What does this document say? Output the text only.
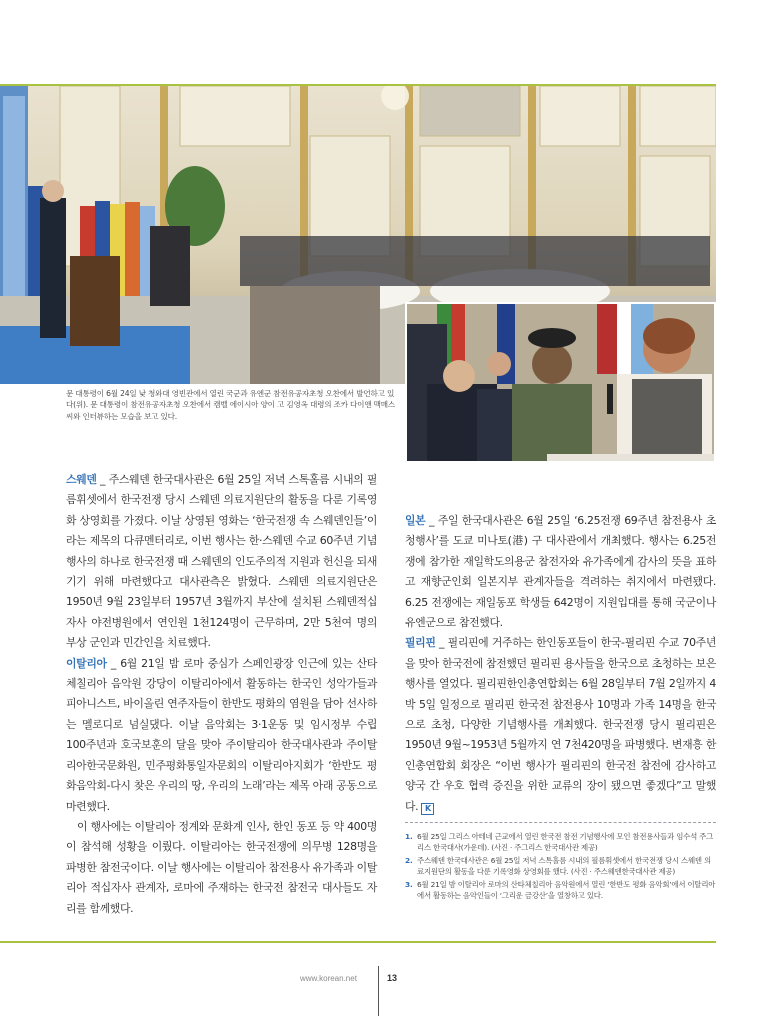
문 대통령이 6월 24일 낮 청와대 영빈관에서 열린 국군과 유엔군 참전유공자초청 오찬에서 발언하고 있다(위). 문 대통령이 참전유공자초청 오찬에서 캠벨 에이시아 양이 고 김영옥 대령의 조카 다이앤 맥매스 씨와 인터뷰하는 모습을 보고 있다.

스웨덴 _ 주스웨덴 한국대사관은 6월 25일 저녁 스톡홀름 시내의 필름휘셋에서 한국전쟁 당시 스웨덴 의료지원단의 활동을 다룬 기록영화 상영회를 가졌다. 이날 상영된 영화는 ‘한국전쟁 속 스웨덴인들’이라는 제목의 다큐멘터리로, 이번 행사는 한·스웨덴 수교 60주년 기념행사의 하나로 한국전쟁 때 스웨덴의 인도주의적 지원과 헌신을 되새기기 위해 마련했다고 대사관측은 밝혔다. 스웨덴 의료지원단은 1950년 9월 23일부터 1957년 3월까지 부산에 설치된 스웨덴적십자사 야전병원에서 연인원 1천124명이 근무하며, 2만 5천여 명의 부상 군인과 민간인을 치료했다.

이탈리아 _ 6월 21일 밤 로마 중심가 스페인광장 인근에 있는 산타 체칠리아 음악원 강당이 이탈리아에서 활동하는 한국인 성악가들과 피아니스트, 바이올린 연주자들이 한반도 평화의 염원을 담아 선사하는 멜로디로 넘실댔다. 이날 음악회는 3·1운동 및 임시정부 수립 100주년과 호국보훈의 달을 맞아 주이탈리아 한국대사관과 주이탈리아한국문화원, 민주평화통일자문회의 이탈리아지회가 ‘한반도 평화음악회-다시 찾은 우리의 땅, 우리의 노래’라는 제목 아래 공동으로 마련했다.

이 행사에는 이탈리아 정계와 문화계 인사, 한인 동포 등 약 400명이 참석해 성황을 이뤘다. 이탈리아는 한국전쟁에 의무병 128명을 파병한 참전국이다. 이날 행사에는 이탈리아 참전용사 유가족과 이탈리아 적십자사 관계자, 로마에 주재하는 한국전 참전국 대사들도 자리를 함께했다.

일본 _ 주일 한국대사관은 6월 25일 ‘6.25전쟁 69주년 참전용사 초청행사’를 도쿄 미나토(港) 구 대사관에서 개최했다. 행사는 6.25전쟁에 참가한 재일학도의용군 참전자와 유가족에게 감사의 뜻을 표하고 재향군인회 일본지부 관계자들을 격려하는 취지에서 마련됐다. 6.25 전쟁에는 재일동포 학생들 642명이 지원입대를 통해 국군이나 유엔군으로 참전했다.

필리핀 _ 필리핀에 거주하는 한인동포들이 한국-필리핀 수교 70주년을 맞아 한국전에 참전했던 필리핀 용사들을 한국으로 초청하는 보은행사를 열었다. 필리핀한인총연합회는 6월 28일부터 7월 2일까지 4박 5일 일정으로 필리핀 한국전 참전용사 10명과 가족 14명을 한국으로 초청, 다양한 기념행사를 개최했다. 한국전쟁 당시 필리핀은 1950년 9월~1953년 5월까지 연 7천420명을 파병했다. 변재흥 한인총연합회 회장은 “이번 행사가 필리핀의 한국전 참전에 감사하고 양국 간 우호 협력 증진을 위한 교류의 장이 됐으면 좋겠다”고 말했다. K

1. 6월 25일 그리스 아테네 근교에서 열린 한국전 참전 기념행사에 모인 참전용사들과 임수석 주그리스 한국대사(가운데). (사진 · 주그리스 한국대사관 제공)
2. 주스웨덴 한국대사관은 6월 25일 저녁 스톡홀름 시내의 필름휘셋에서 한국전쟁 당시 스웨덴 의료지원단의 활동을 다룬 기록영화 상영회를 했다. (사진 · 주스웨덴한국대사관 제공)
3. 6월 21일 밤 이탈리아 로마의 산타체칠리아 음악원에서 열린 ‘한반도 평화 음악회’에서 이탈리아에서 활동하는 음악인들이 ‘그리운 금강산’을 열창하고 있다.
www.korean.net	13
